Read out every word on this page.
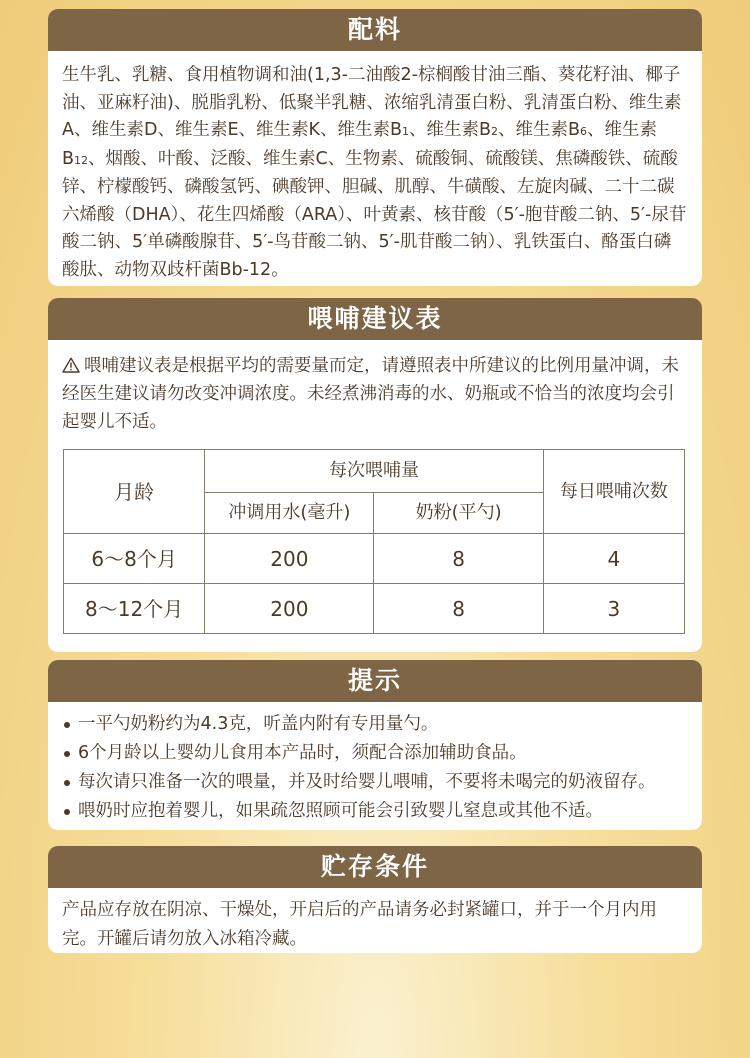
配料
生牛乳、乳糖、食用植物调和油(1,3-二油酸2-棕榈酸甘油三酯、葵花籽油、椰子油、亚麻籽油)、脱脂乳粉、低聚半乳糖、浓缩乳清蛋白粉、乳清蛋白粉、维生素A、维生素D、维生素E、维生素K、维生素B1、维生素B2、维生素B6、维生素B12、烟酸、叶酸、泛酸、维生素C、生物素、硫酸铜、硫酸镁、焦磷酸铁、硫酸锌、柠檬酸钙、磷酸氢钙、碘酸钾、胆碱、肌醇、牛磺酸、左旋肉碱、二十二碳六烯酸（DHA）、花生四烯酸（ARA）、叶黄素、核苷酸（5′-胞苷酸二钠、5′-尿苷酸二钠、5′单磷酸腺苷、5′-鸟苷酸二钠、5′-肌苷酸二钠）、乳铁蛋白、酪蛋白磷酸肽、动物双歧杆菌Bb-12。
喂哺建议表
喂哺建议表是根据平均的需要量而定，请遵照表中所建议的比例用量冲调，未经医生建议请勿改变冲调浓度。未经煮沸消毒的水、奶瓶或不恰当的浓度均会引起婴儿不适。
月龄	每次喂哺量		每日喂哺次数
	冲调用水(毫升)	奶粉(平勺)	
6～8个月	200	8	4
8～12个月	200	8	3
提示
一平勺奶粉约为4.3克，听盖内附有专用量勺。
6个月龄以上婴幼儿食用本产品时，须配合添加辅助食品。
每次请只准备一次的喂量，并及时给婴儿喂哺，不要将未喝完的奶液留存。
喂奶时应抱着婴儿，如果疏忽照顾可能会引致婴儿窒息或其他不适。
贮存条件
产品应存放在阴凉、干燥处，开启后的产品请务必封紧罐口，并于一个月内用完。开罐后请勿放入冰箱冷藏。
